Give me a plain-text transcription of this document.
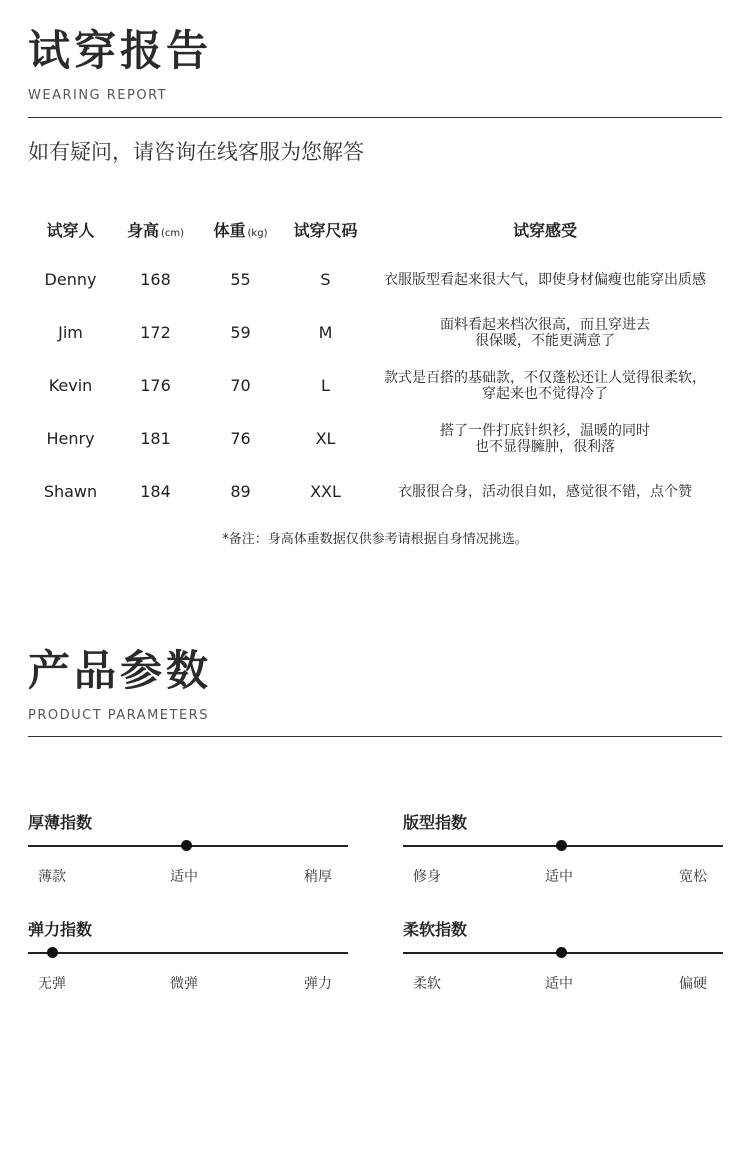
试穿报告

WEARING REPORT

如有疑问，请咨询在线客服为您解答

试穿人	身高 (cm)	体重 (kg)	试穿尺码	试穿感受
Denny	168	55	S	衣服版型看起来很大气，即使身材偏瘦也能穿出质感
Jim	172	59	M	面料看起来档次很高，而且穿进去
很保暖，不能更满意了
Kevin	176	70	L	款式是百搭的基础款，不仅蓬松还让人觉得很柔软，
穿起来也不觉得冷了
Henry	181	76	XL	搭了一件打底针织衫，温暖的同时
也不显得臃肿，很利落
Shawn	184	89	XXL	衣服很合身，活动很自如，感觉很不错，点个赞

*备注：身高体重数据仅供参考请根据自身情况挑选。

产品参数

PRODUCT PARAMETERS

厚薄指数
薄款	适中	稍厚
版型指数
修身	适中	宽松
弹力指数
无弹	微弹	弹力
柔软指数
柔软	适中	偏硬
